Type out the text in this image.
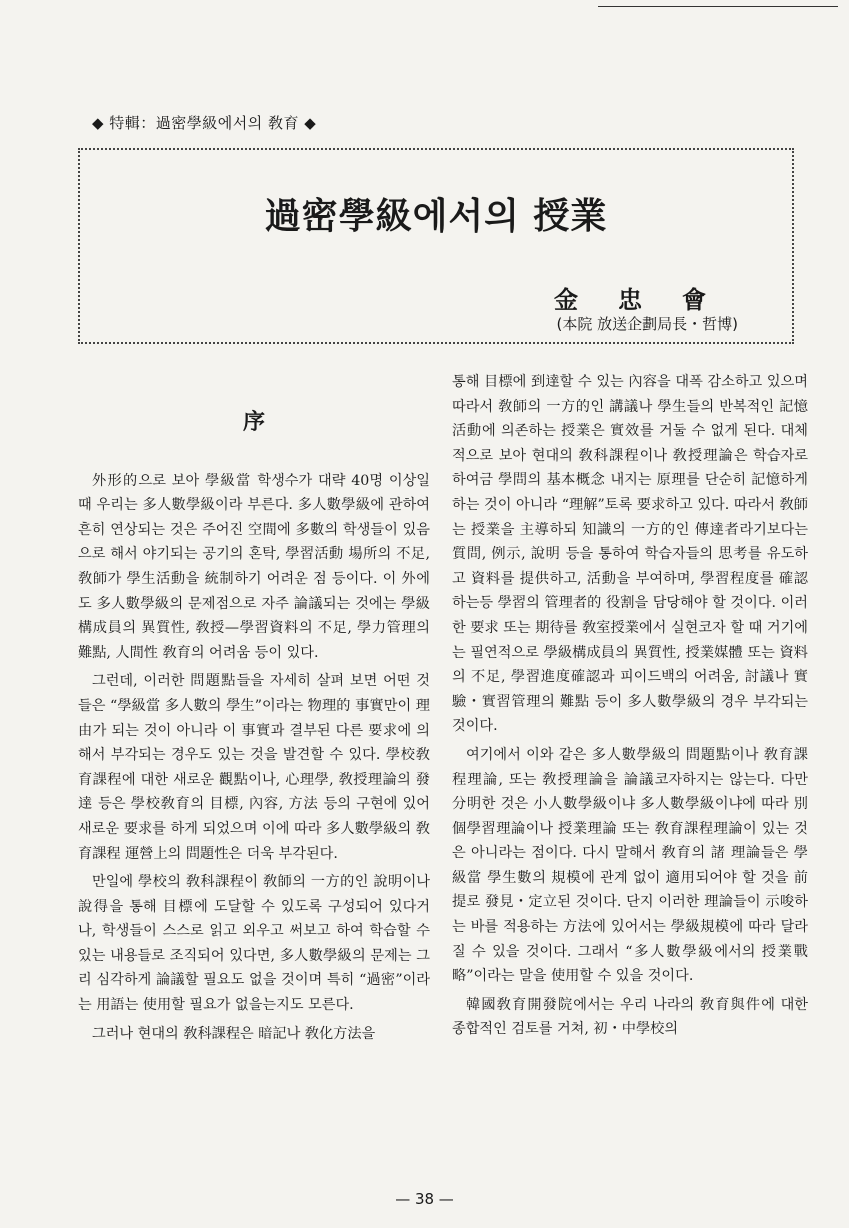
◆ 特輯：過密學級에서의 敎育 ◆
過密學級에서의 授業
金忠會
(本院 放送企劃局長・哲博)
序

外形的으로 보아 學級當 학생수가 대략 40명 이상일 때 우리는 多人數學級이라 부른다. 多人數學級에 관하여 흔히 연상되는 것은 주어진 空間에 多數의 학생들이 있음으로 해서 야기되는 공기의 혼탁, 學習活動 場所의 不足, 敎師가 學生活動을 統制하기 어려운 점 등이다. 이 外에도 多人數學級의 문제점으로 자주 論議되는 것에는 學級構成員의 異質性, 敎授—學習資料의 不足, 學力管理의 難點, 人間性 敎育의 어려움 등이 있다.

그런데, 이러한 問題點들을 자세히 살펴 보면 어떤 것들은 “學級當 多人數의 學生”이라는 物理的 事實만이 理由가 되는 것이 아니라 이 事實과 결부된 다른 要求에 의해서 부각되는 경우도 있는 것을 발견할 수 있다. 學校敎育課程에 대한 새로운 觀點이나, 心理學, 敎授理論의 發達 등은 學校敎育의 目標, 內容, 方法 등의 구현에 있어 새로운 要求를 하게 되었으며 이에 따라 多人數學級의 敎育課程 運營上의 問題性은 더욱 부각된다.

만일에 學校의 敎科課程이 敎師의 一方的인 說明이나 說得을 통해 目標에 도달할 수 있도록 구성되어 있다거나, 학생들이 스스로 읽고 외우고 써보고 하여 학습할 수 있는 내용들로 조직되어 있다면, 多人數學級의 문제는 그리 심각하게 論議할 필요도 없을 것이며 특히 “過密”이라는 用語는 使用할 필요가 없을는지도 모른다.

그러나 현대의 敎科課程은 暗記나 敎化方法을

통해 目標에 到達할 수 있는 內容을 대폭 감소하고 있으며 따라서 敎師의 一方的인 講議나 學生들의 반복적인 記憶活動에 의존하는 授業은 實效를 거둘 수 없게 된다. 대체적으로 보아 현대의 敎科課程이나 敎授理論은 학습자로 하여금 學問의 基本概念 내지는 原理를 단순히 記憶하게 하는 것이 아니라 “理解”토록 要求하고 있다. 따라서 敎師는 授業을 主導하되 知識의 一方的인 傳達者라기보다는 質問, 例示, 說明 등을 통하여 학습자들의 思考를 유도하고 資料를 提供하고, 活動을 부여하며, 學習程度를 確認하는등 學習의 管理者的 役割을 담당해야 할 것이다. 이러한 要求 또는 期待를 敎室授業에서 실현코자 할 때 거기에는 필연적으로 學級構成員의 異質性, 授業媒體 또는 資料의 不足, 學習進度確認과 피이드백의 어려움, 討議나 實驗・實習管理의 難點 등이 多人數學級의 경우 부각되는 것이다.

여기에서 이와 같은 多人數學級의 問題點이나 敎育課程理論, 또는 敎授理論을 論議코자하지는 않는다. 다만 分明한 것은 小人數學級이냐 多人數學級이냐에 따라 別個學習理論이나 授業理論 또는 敎育課程理論이 있는 것은 아니라는 점이다. 다시 말해서 敎育의 諸 理論들은 學級當 學生數의 規模에 관계 없이 適用되어야 할 것을 前提로 發見・定立된 것이다. 단지 이러한 理論들이 示唆하는 바를 적용하는 方法에 있어서는 學級規模에 따라 달라질 수 있을 것이다. 그래서 “多人數學級에서의 授業戰略”이라는 말을 使用할 수 있을 것이다.

韓國敎育開發院에서는 우리 나라의 敎育與件에 대한 종합적인 검토를 거쳐, 初・中學校의

— 38 —
